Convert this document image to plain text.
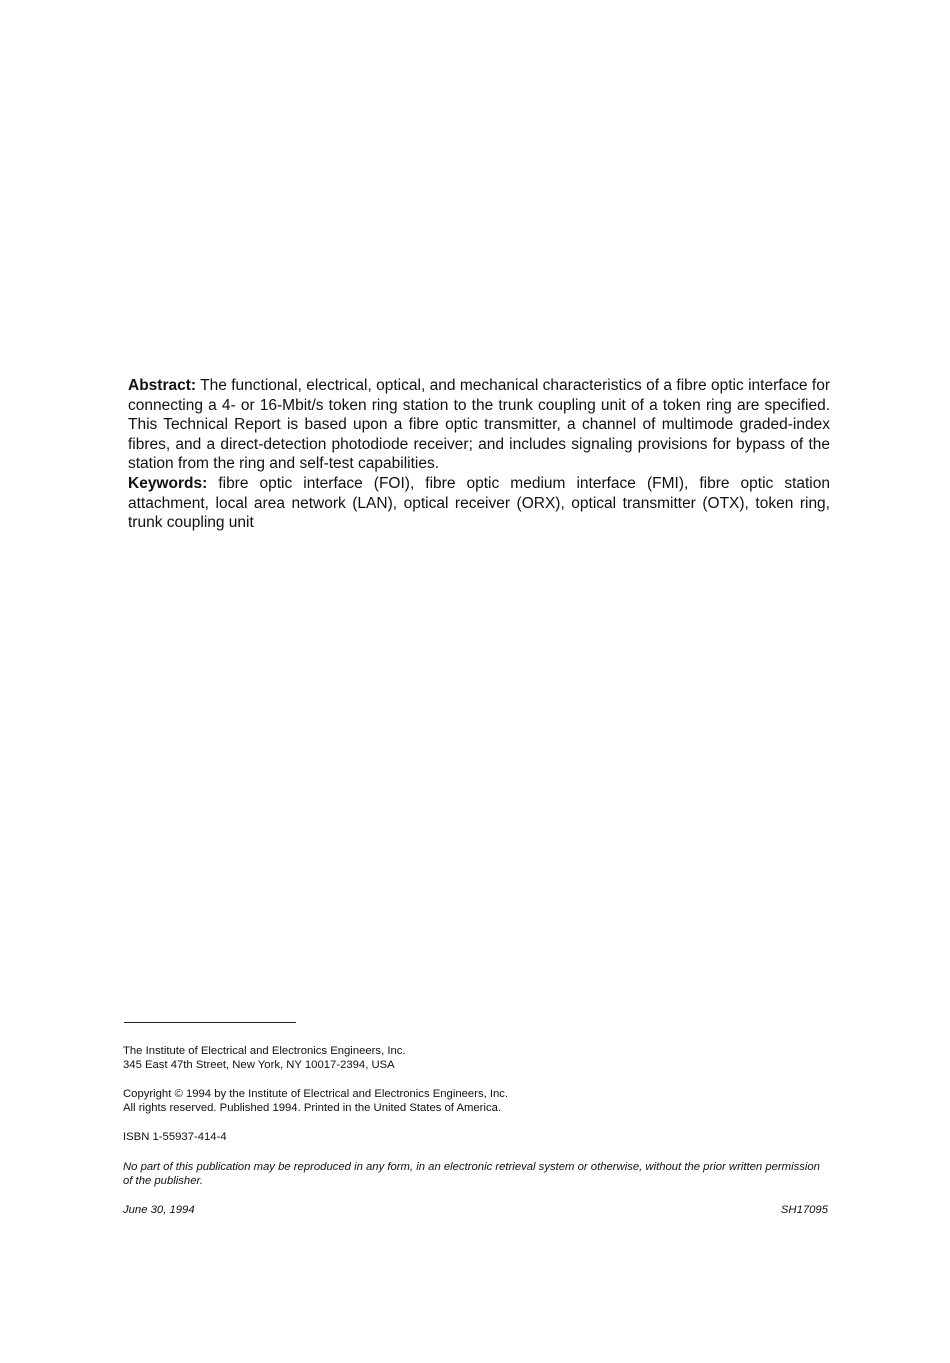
Abstract: The functional, electrical, optical, and mechanical characteristics of a fibre optic interface for connecting a 4- or 16-Mbit/s token ring station to the trunk coupling unit of a token ring are specified. This Technical Report is based upon a fibre optic transmitter, a channel of multimode graded-index fibres, and a direct-detection photodiode receiver; and includes signaling provisions for bypass of the station from the ring and self-test capabilities.

Keywords: fibre optic interface (FOI), fibre optic medium interface (FMI), fibre optic station attachment, local area network (LAN), optical receiver (ORX), optical transmitter (OTX), token ring, trunk coupling unit

The Institute of Electrical and Electronics Engineers, Inc.

345 East 47th Street, New York, NY 10017-2394, USA

Copyright © 1994 by the Institute of Electrical and Electronics Engineers, Inc.

All rights reserved. Published 1994. Printed in the United States of America.

ISBN 1-55937-414-4

No part of this publication may be reproduced in any form, in an electronic retrieval system or otherwise, without the prior written permission of the publisher.

June 30, 1994	SH17095
